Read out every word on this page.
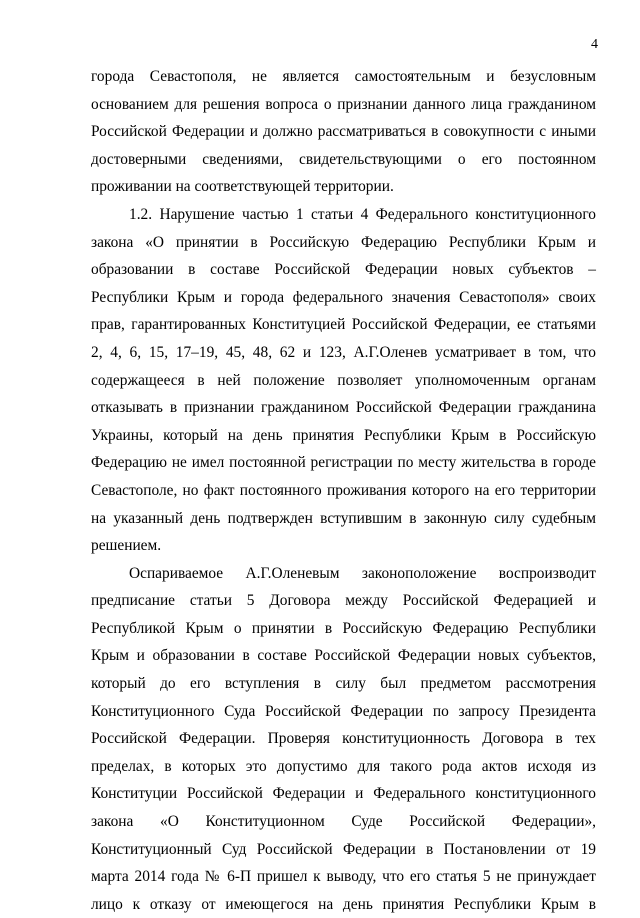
4
города Севастополя, не является самостоятельным и безусловным
основанием для решения вопроса о признании данного лица гражданином
Российской Федерации и должно рассматриваться в совокупности с иными
достоверными сведениями, свидетельствующими о его постоянном
проживании на соответствующей территории.
1.2. Нарушение частью 1 статьи 4 Федерального конституционного
закона «О принятии в Российскую Федерацию Республики Крым и
образовании в составе Российской Федерации новых субъектов –
Республики Крым и города федерального значения Севастополя» своих
прав, гарантированных Конституцией Российской Федерации, ее статьями
2, 4, 6, 15, 17–19, 45, 48, 62 и 123, А.Г.Оленев усматривает в том, что
содержащееся в ней положение позволяет уполномоченным органам
отказывать в признании гражданином Российской Федерации гражданина
Украины, который на день принятия Республики Крым в Российскую
Федерацию не имел постоянной регистрации по месту жительства в городе
Севастополе, но факт постоянного проживания которого на его территории
на указанный день подтвержден вступившим в законную силу судебным
решением.
Оспариваемое А.Г.Оленевым законоположение воспроизводит
предписание статьи 5 Договора между Российской Федерацией и
Республикой Крым о принятии в Российскую Федерацию Республики
Крым и образовании в составе Российской Федерации новых субъектов,
который до его вступления в силу был предметом рассмотрения
Конституционного Суда Российской Федерации по запросу Президента
Российской Федерации. Проверяя конституционность Договора в тех
пределах, в которых это допустимо для такого рода актов исходя из
Конституции Российской Федерации и Федерального конституционного
закона «О Конституционном Суде Российской Федерации»,
Конституционный Суд Российской Федерации в Постановлении от 19
марта 2014 года № 6-П пришел к выводу, что его статья 5 не принуждает
лицо к отказу от имеющегося на день принятия Республики Крым в
